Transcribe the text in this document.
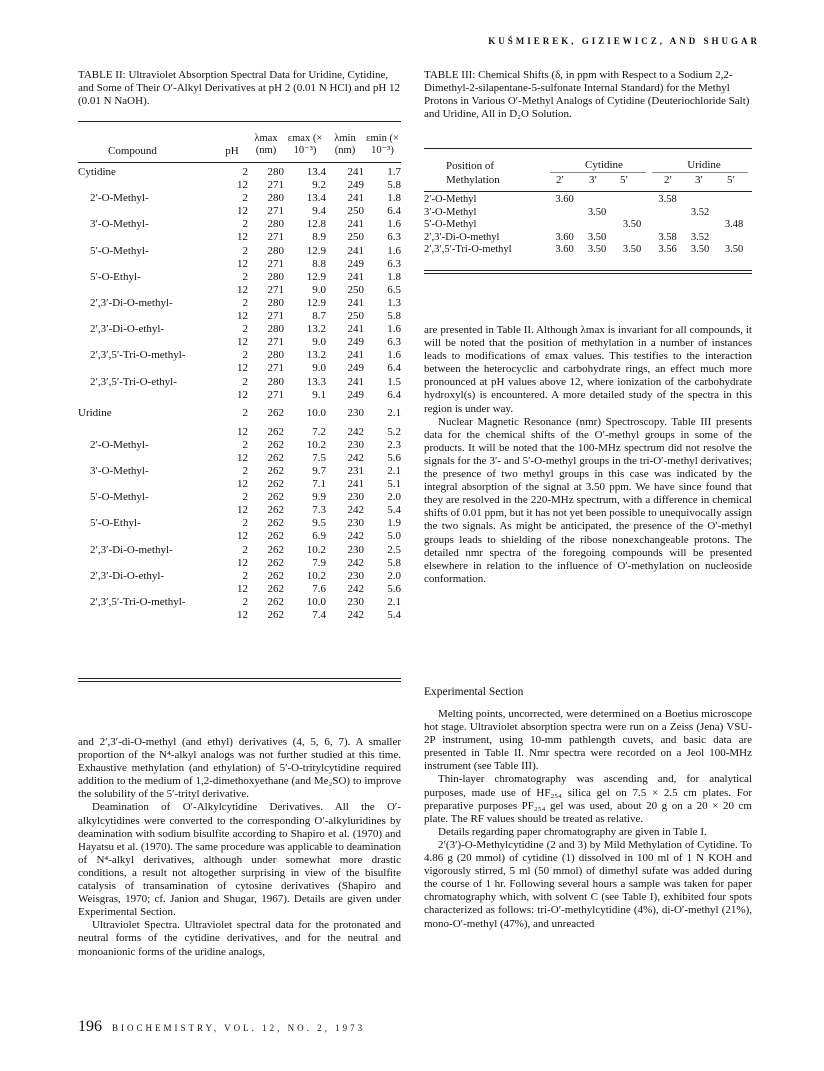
KUŚMIEREK, GIZIEWICZ, AND SHUGAR
TABLE II: Ultraviolet Absorption Spectral Data for Uridine, Cytidine, and Some of Their O′-Alkyl Derivatives at pH 2 (0.01 N HCl) and pH 12 (0.01 N NaOH).
Compound	pH	λmax (nm)	εmax (× 10⁻³)	λmin (nm)	εmin (× 10⁻³)
Cytidine	2	280	13.4	241	1.7
	12	271	9.2	249	5.8
2′-O-Methyl-	2	280	13.4	241	1.8
	12	271	9.4	250	6.4
3′-O-Methyl-	2	280	12.8	241	1.6
	12	271	8.9	250	6.3
5′-O-Methyl-	2	280	12.9	241	1.6
	12	271	8.8	249	6.3
5′-O-Ethyl-	2	280	12.9	241	1.8
	12	271	9.0	250	6.5
2′,3′-Di-O-methyl-	2	280	12.9	241	1.3
	12	271	8.7	250	5.8
2′,3′-Di-O-ethyl-	2	280	13.2	241	1.6
	12	271	9.0	249	6.3
2′,3′,5′-Tri-O-methyl-	2	280	13.2	241	1.6
	12	271	9.0	249	6.4
2′,3′,5′-Tri-O-ethyl-	2	280	13.3	241	1.5
	12	271	9.1	249	6.4
Uridine	2	262	10.0	230	2.1
	12	262	7.2	242	5.2
2′-O-Methyl-	2	262	10.2	230	2.3
	12	262	7.5	242	5.6
3′-O-Methyl-	2	262	9.7	231	2.1
	12	262	7.1	241	5.1
5′-O-Methyl-	2	262	9.9	230	2.0
	12	262	7.3	242	5.4
5′-O-Ethyl-	2	262	9.5	230	1.9
	12	262	6.9	242	5.0
2′,3′-Di-O-methyl-	2	262	10.2	230	2.5
	12	262	7.9	242	5.8
2′,3′-Di-O-ethyl-	2	262	10.2	230	2.0
	12	262	7.6	242	5.6
2′,3′,5′-Tri-O-methyl-	2	262	10.0	230	2.1
	12	262	7.4	242	5.4
TABLE III: Chemical Shifts (δ, in ppm with Respect to a Sodium 2,2-Dimethyl-2-silapentane-5-sulfonate Internal Standard) for the Methyl Protons in Various O′-Methyl Analogs of Cytidine (Deuteriochloride Salt) and Uridine, All in D₂O Solution.
Position of Methylation
Cytidine	Uridine
2′ 3′ 5′	2′ 3′ 5′
2′-O-Methyl	3.60			3.58		
3′-O-Methyl		3.50			3.52	
5′-O-Methyl			3.50			3.48
2′,3′-Di-O-methyl	3.60	3.50		3.58	3.52	
2′,3′,5′-Tri-O-methyl	3.60	3.50	3.50	3.56	3.50	3.50

are presented in Table II. Although λmax is invariant for all compounds, it will be noted that the position of methylation in a number of instances leads to modifications of εmax values. This testifies to the interaction between the heterocyclic and carbohydrate rings, an effect much more pronounced at pH values above 12, where ionization of the carbohydrate hydroxyl(s) is encountered. A more detailed study of the spectra in this region is under way.

Nuclear Magnetic Resonance (nmr) Spectroscopy. Table III presents data for the chemical shifts of the O′-methyl groups in some of the products. It will be noted that the 100-MHz spectrum did not resolve the signals for the 3′- and 5′-O-methyl groups in the tri-O′-methyl derivatives; the presence of two methyl groups in this case was indicated by the integral absorption of the signal at 3.50 ppm. We have since found that they are resolved in the 220-MHz spectrum, with a difference in chemical shifts of 0.01 ppm, but it has not yet been possible to unequivocally assign the two signals. As might be anticipated, the presence of the O′-methyl groups leads to shielding of the ribose nonexchangeable protons. The detailed nmr spectra of the foregoing compounds will be presented elsewhere in relation to the influence of O′-methylation on nucleoside conformation.

Experimental Section

Melting points, uncorrected, were determined on a Boetius microscope hot stage. Ultraviolet absorption spectra were run on a Zeiss (Jena) VSU-2P instrument, using 10-mm pathlength cuvets, and basic data are presented in Table II. Nmr spectra were recorded on a Jeol 100-MHz instrument (see Table III).

Thin-layer chromatography was ascending and, for analytical purposes, made use of HF₂₅₄ silica gel on 7.5 × 2.5 cm plates. For preparative purposes PF₂₅₄ gel was used, about 20 g on a 20 × 20 cm plate. The RF values should be treated as relative.

Details regarding paper chromatography are given in Table I.

2′(3′)-O-Methylcytidine (2 and 3) by Mild Methylation of Cytidine. To 4.86 g (20 mmol) of cytidine (1) dissolved in 100 ml of 1 N KOH and vigorously stirred, 5 ml (50 mmol) of dimethyl sufate was added during the course of 1 hr. Following several hours a sample was taken for paper chromatography which, with solvent C (see Table I), exhibited four spots characterized as follows: tri-O′-methylcytidine (4%), di-O′-methyl (21%), mono-O′-methyl (47%), and unreacted

and 2′,3′-di-O-methyl (and ethyl) derivatives (4, 5, 6, 7). A smaller proportion of the N⁴-alkyl analogs was not further studied at this time. Exhaustive methylation (and ethylation) of 5′-O-tritylcytidine required addition to the medium of 1,2-dimethoxyethane (and Me₂SO) to improve the solubility of the 5′-trityl derivative.

Deamination of O′-Alkylcytidine Derivatives. All the O′-alkylcytidines were converted to the corresponding O′-alkyluridines by deamination with sodium bisulfite according to Shapiro et al. (1970) and Hayatsu et al. (1970). The same procedure was applicable to deamination of N⁴-alkyl derivatives, although under somewhat more drastic conditions, a result not altogether surprising in view of the bisulfite catalysis of transamination of cytosine derivatives (Shapiro and Weisgras, 1970; cf. Janion and Shugar, 1967). Details are given under Experimental Section.

Ultraviolet Spectra. Ultraviolet spectral data for the protonated and neutral forms of the cytidine derivatives, and for the neutral and monoanionic forms of the uridine analogs,

196 BIOCHEMISTRY, VOL. 12, NO. 2, 1973
